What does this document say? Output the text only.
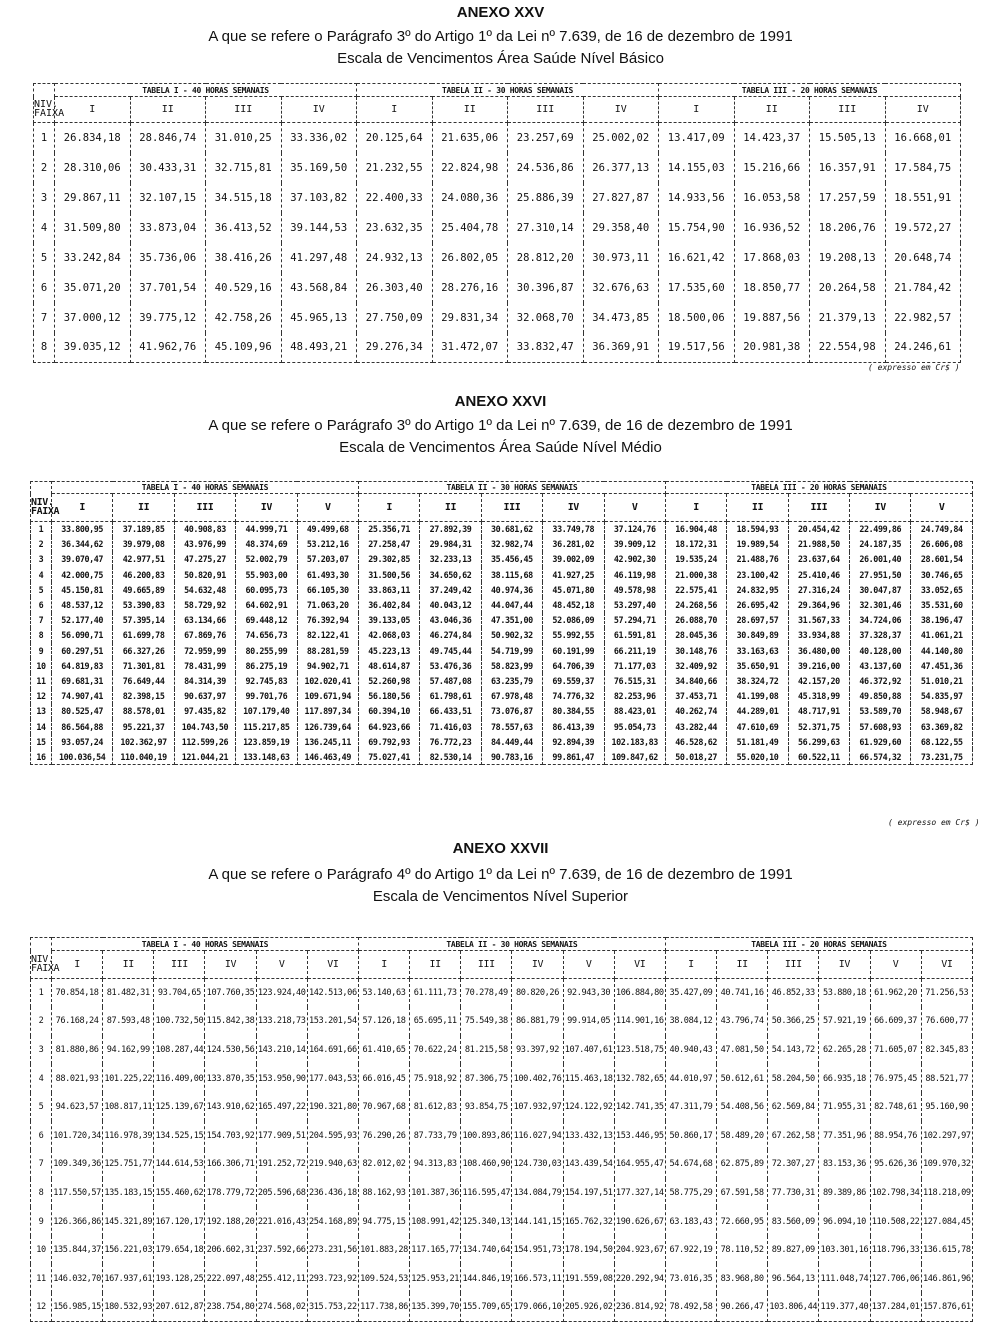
ANEXO XXV
A que se refere o Parágrafo 3º do Artigo 1º da Lei nº 7.639, de 16 de dezembro de 1991
Escala de Vencimentos Área Saúde Nível Básico
	TABELA I - 40 HORAS SEMANAIS				TABELA II - 30 HORAS SEMANAIS				TABELA III - 20 HORAS SEMANAIS			
NIV.
FAIXA	I	II	III	IV	I	II	III	IV	I	II	III	IV
1	26.834,18	28.846,74	31.010,25	33.336,02	20.125,64	21.635,06	23.257,69	25.002,02	13.417,09	14.423,37	15.505,13	16.668,01
2	28.310,06	30.433,31	32.715,81	35.169,50	21.232,55	22.824,98	24.536,86	26.377,13	14.155,03	15.216,66	16.357,91	17.584,75
3	29.867,11	32.107,15	34.515,18	37.103,82	22.400,33	24.080,36	25.886,39	27.827,87	14.933,56	16.053,58	17.257,59	18.551,91
4	31.509,80	33.873,04	36.413,52	39.144,53	23.632,35	25.404,78	27.310,14	29.358,40	15.754,90	16.936,52	18.206,76	19.572,27
5	33.242,84	35.736,06	38.416,26	41.297,48	24.932,13	26.802,05	28.812,20	30.973,11	16.621,42	17.868,03	19.208,13	20.648,74
6	35.071,20	37.701,54	40.529,16	43.568,84	26.303,40	28.276,16	30.396,87	32.676,63	17.535,60	18.850,77	20.264,58	21.784,42
7	37.000,12	39.775,12	42.758,26	45.965,13	27.750,09	29.831,34	32.068,70	34.473,85	18.500,06	19.887,56	21.379,13	22.982,57
8	39.035,12	41.962,76	45.109,96	48.493,21	29.276,34	31.472,07	33.832,47	36.369,91	19.517,56	20.981,38	22.554,98	24.246,61
( expresso em Cr$ )
ANEXO XXVI
A que se refere o Parágrafo 3º do Artigo 1º da Lei nº 7.639, de 16 de dezembro de 1991
Escala de Vencimentos Área Saúde Nível Médio
	TABELA I - 40 HORAS SEMANAIS					TABELA II - 30 HORAS SEMANAIS					TABELA III - 20 HORAS SEMANAIS				
NIV.
FAIXA	I	II	III	IV	V	I	II	III	IV	V	I	II	III	IV	V
1	33.800,95	37.189,85	40.908,83	44.999,71	49.499,68	25.356,71	27.892,39	30.681,62	33.749,78	37.124,76	16.904,48	18.594,93	20.454,42	22.499,86	24.749,84
2	36.344,62	39.979,08	43.976,99	48.374,69	53.212,16	27.258,47	29.984,31	32.982,74	36.281,02	39.909,12	18.172,31	19.989,54	21.988,50	24.187,35	26.606,08
3	39.070,47	42.977,51	47.275,27	52.002,79	57.203,07	29.302,85	32.233,13	35.456,45	39.002,09	42.902,30	19.535,24	21.488,76	23.637,64	26.001,40	28.601,54
4	42.000,75	46.200,83	50.820,91	55.903,00	61.493,30	31.500,56	34.650,62	38.115,68	41.927,25	46.119,98	21.000,38	23.100,42	25.410,46	27.951,50	30.746,65
5	45.150,81	49.665,89	54.632,48	60.095,73	66.105,30	33.863,11	37.249,42	40.974,36	45.071,80	49.578,98	22.575,41	24.832,95	27.316,24	30.047,87	33.052,65
6	48.537,12	53.390,83	58.729,92	64.602,91	71.063,20	36.402,84	40.043,12	44.047,44	48.452,18	53.297,40	24.268,56	26.695,42	29.364,96	32.301,46	35.531,60
7	52.177,40	57.395,14	63.134,66	69.448,12	76.392,94	39.133,05	43.046,36	47.351,00	52.086,09	57.294,71	26.088,70	28.697,57	31.567,33	34.724,06	38.196,47
8	56.090,71	61.699,78	67.869,76	74.656,73	82.122,41	42.068,03	46.274,84	50.902,32	55.992,55	61.591,81	28.045,36	30.849,89	33.934,88	37.328,37	41.061,21
9	60.297,51	66.327,26	72.959,99	80.255,99	88.281,59	45.223,13	49.745,44	54.719,99	60.191,99	66.211,19	30.148,76	33.163,63	36.480,00	40.128,00	44.140,80
10	64.819,83	71.301,81	78.431,99	86.275,19	94.902,71	48.614,87	53.476,36	58.823,99	64.706,39	71.177,03	32.409,92	35.650,91	39.216,00	43.137,60	47.451,36
11	69.681,31	76.649,44	84.314,39	92.745,83	102.020,41	52.260,98	57.487,08	63.235,79	69.559,37	76.515,31	34.840,66	38.324,72	42.157,20	46.372,92	51.010,21
12	74.907,41	82.398,15	90.637,97	99.701,76	109.671,94	56.180,56	61.798,61	67.978,48	74.776,32	82.253,96	37.453,71	41.199,08	45.318,99	49.850,88	54.835,97
13	80.525,47	88.578,01	97.435,82	107.179,40	117.897,34	60.394,10	66.433,51	73.076,87	80.384,55	88.423,01	40.262,74	44.289,01	48.717,91	53.589,70	58.948,67
14	86.564,88	95.221,37	104.743,50	115.217,85	126.739,64	64.923,66	71.416,03	78.557,63	86.413,39	95.054,73	43.282,44	47.610,69	52.371,75	57.608,93	63.369,82
15	93.057,24	102.362,97	112.599,26	123.859,19	136.245,11	69.792,93	76.772,23	84.449,44	92.894,39	102.183,83	46.528,62	51.181,49	56.299,63	61.929,60	68.122,55
16	100.036,54	110.040,19	121.044,21	133.148,63	146.463,49	75.027,41	82.530,14	90.783,16	99.861,47	109.847,62	50.018,27	55.020,10	60.522,11	66.574,32	73.231,75
( expresso em Cr$ )
ANEXO XXVII
A que se refere o Parágrafo 4º do Artigo 1º da Lei nº 7.639, de 16 de dezembro de 1991
Escala de Vencimentos Nível Superior
	TABELA I - 40 HORAS SEMANAIS						TABELA II - 30 HORAS SEMANAIS						TABELA III - 20 HORAS SEMANAIS					
NIV.
FAIXA	I	II	III	IV	V	VI	I	II	III	IV	V	VI	I	II	III	IV	V	VI
1	70.854,18	81.482,31	93.704,65	107.760,35	123.924,40	142.513,06	53.140,63	61.111,73	70.278,49	80.820,26	92.943,30	106.884,80	35.427,09	40.741,16	46.852,33	53.880,18	61.962,20	71.256,53
2	76.168,24	87.593,48	100.732,50	115.842,38	133.218,73	153.201,54	57.126,18	65.695,11	75.549,38	86.881,79	99.914,05	114.901,16	38.084,12	43.796,74	50.366,25	57.921,19	66.609,37	76.600,77
3	81.880,86	94.162,99	108.287,44	124.530,56	143.210,14	164.691,66	61.410,65	70.622,24	81.215,58	93.397,92	107.407,61	123.518,75	40.940,43	47.081,50	54.143,72	62.265,28	71.605,07	82.345,83
4	88.021,93	101.225,22	116.409,00	133.870,35	153.950,90	177.043,53	66.016,45	75.918,92	87.306,75	100.402,76	115.463,18	132.782,65	44.010,97	50.612,61	58.204,50	66.935,18	76.975,45	88.521,77
5	94.623,57	108.817,11	125.139,67	143.910,62	165.497,22	190.321,80	70.967,68	81.612,83	93.854,75	107.932,97	124.122,92	142.741,35	47.311,79	54.408,56	62.569,84	71.955,31	82.748,61	95.160,90
6	101.720,34	116.978,39	134.525,15	154.703,92	177.909,51	204.595,93	76.290,26	87.733,79	100.893,86	116.027,94	133.432,13	153.446,95	50.860,17	58.489,20	67.262,58	77.351,96	88.954,76	102.297,97
7	109.349,36	125.751,77	144.614,53	166.306,71	191.252,72	219.940,63	82.012,02	94.313,83	108.460,90	124.730,03	143.439,54	164.955,47	54.674,68	62.875,89	72.307,27	83.153,36	95.626,36	109.970,32
8	117.550,57	135.183,15	155.460,62	178.779,72	205.596,68	236.436,18	88.162,93	101.387,36	116.595,47	134.084,79	154.197,51	177.327,14	58.775,29	67.591,58	77.730,31	89.389,86	102.798,34	118.218,09
9	126.366,86	145.321,89	167.120,17	192.188,20	221.016,43	254.168,89	94.775,15	108.991,42	125.340,13	144.141,15	165.762,32	190.626,67	63.183,43	72.660,95	83.560,09	96.094,10	110.508,22	127.084,45
10	135.844,37	156.221,03	179.654,18	206.602,31	237.592,66	273.231,56	101.883,28	117.165,77	134.740,64	154.951,73	178.194,50	204.923,67	67.922,19	78.110,52	89.827,09	103.301,16	118.796,33	136.615,78
11	146.032,70	167.937,61	193.128,25	222.097,48	255.412,11	293.723,92	109.524,53	125.953,21	144.846,19	166.573,11	191.559,08	220.292,94	73.016,35	83.968,80	96.564,13	111.048,74	127.706,06	146.861,96
12	156.985,15	180.532,93	207.612,87	238.754,80	274.568,02	315.753,22	117.738,86	135.399,70	155.709,65	179.066,10	205.926,02	236.814,92	78.492,58	90.266,47	103.806,44	119.377,40	137.284,01	157.876,61
